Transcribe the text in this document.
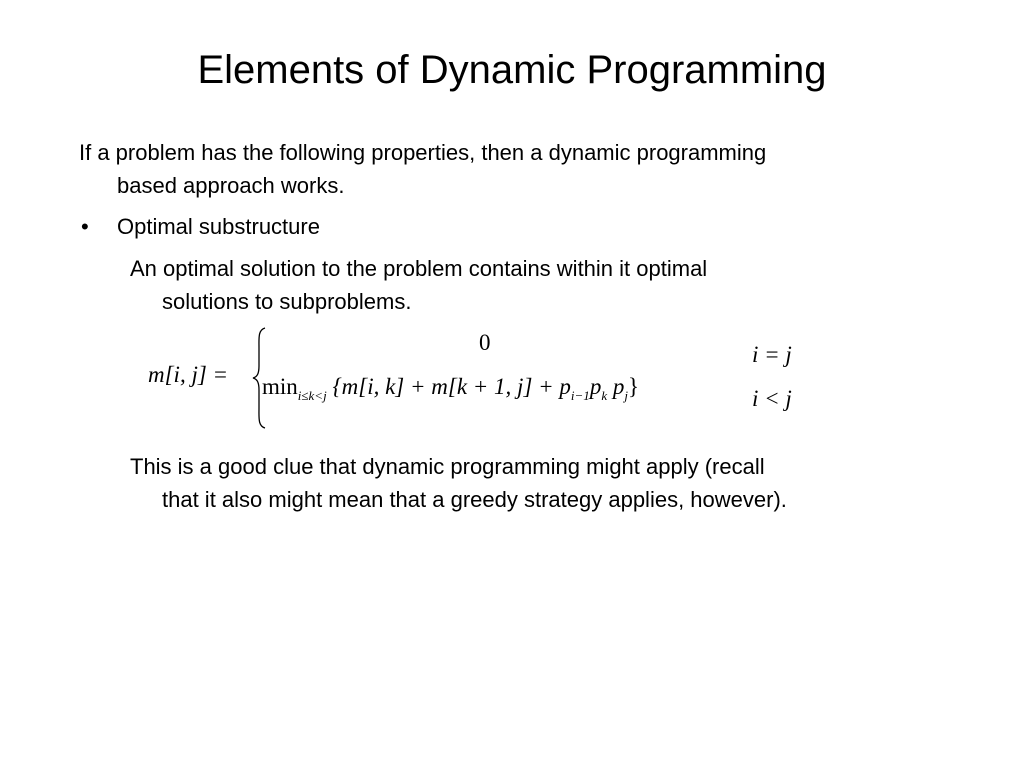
Elements of Dynamic Programming
If a problem has the following properties, then a dynamic programming
based approach works.
• Optimal substructure
An optimal solution to the problem contains within it optimal
solutions to subproblems.
m[i, j] =
0	i = j
$\min_{i\le k<j} \{m[i$, k] + m[k + 1, $j] + p_{i-1}p_k$ $p_j$}	i < j
This is a good clue that dynamic programming might apply (recall
that it also might mean that a greedy strategy applies, however).
